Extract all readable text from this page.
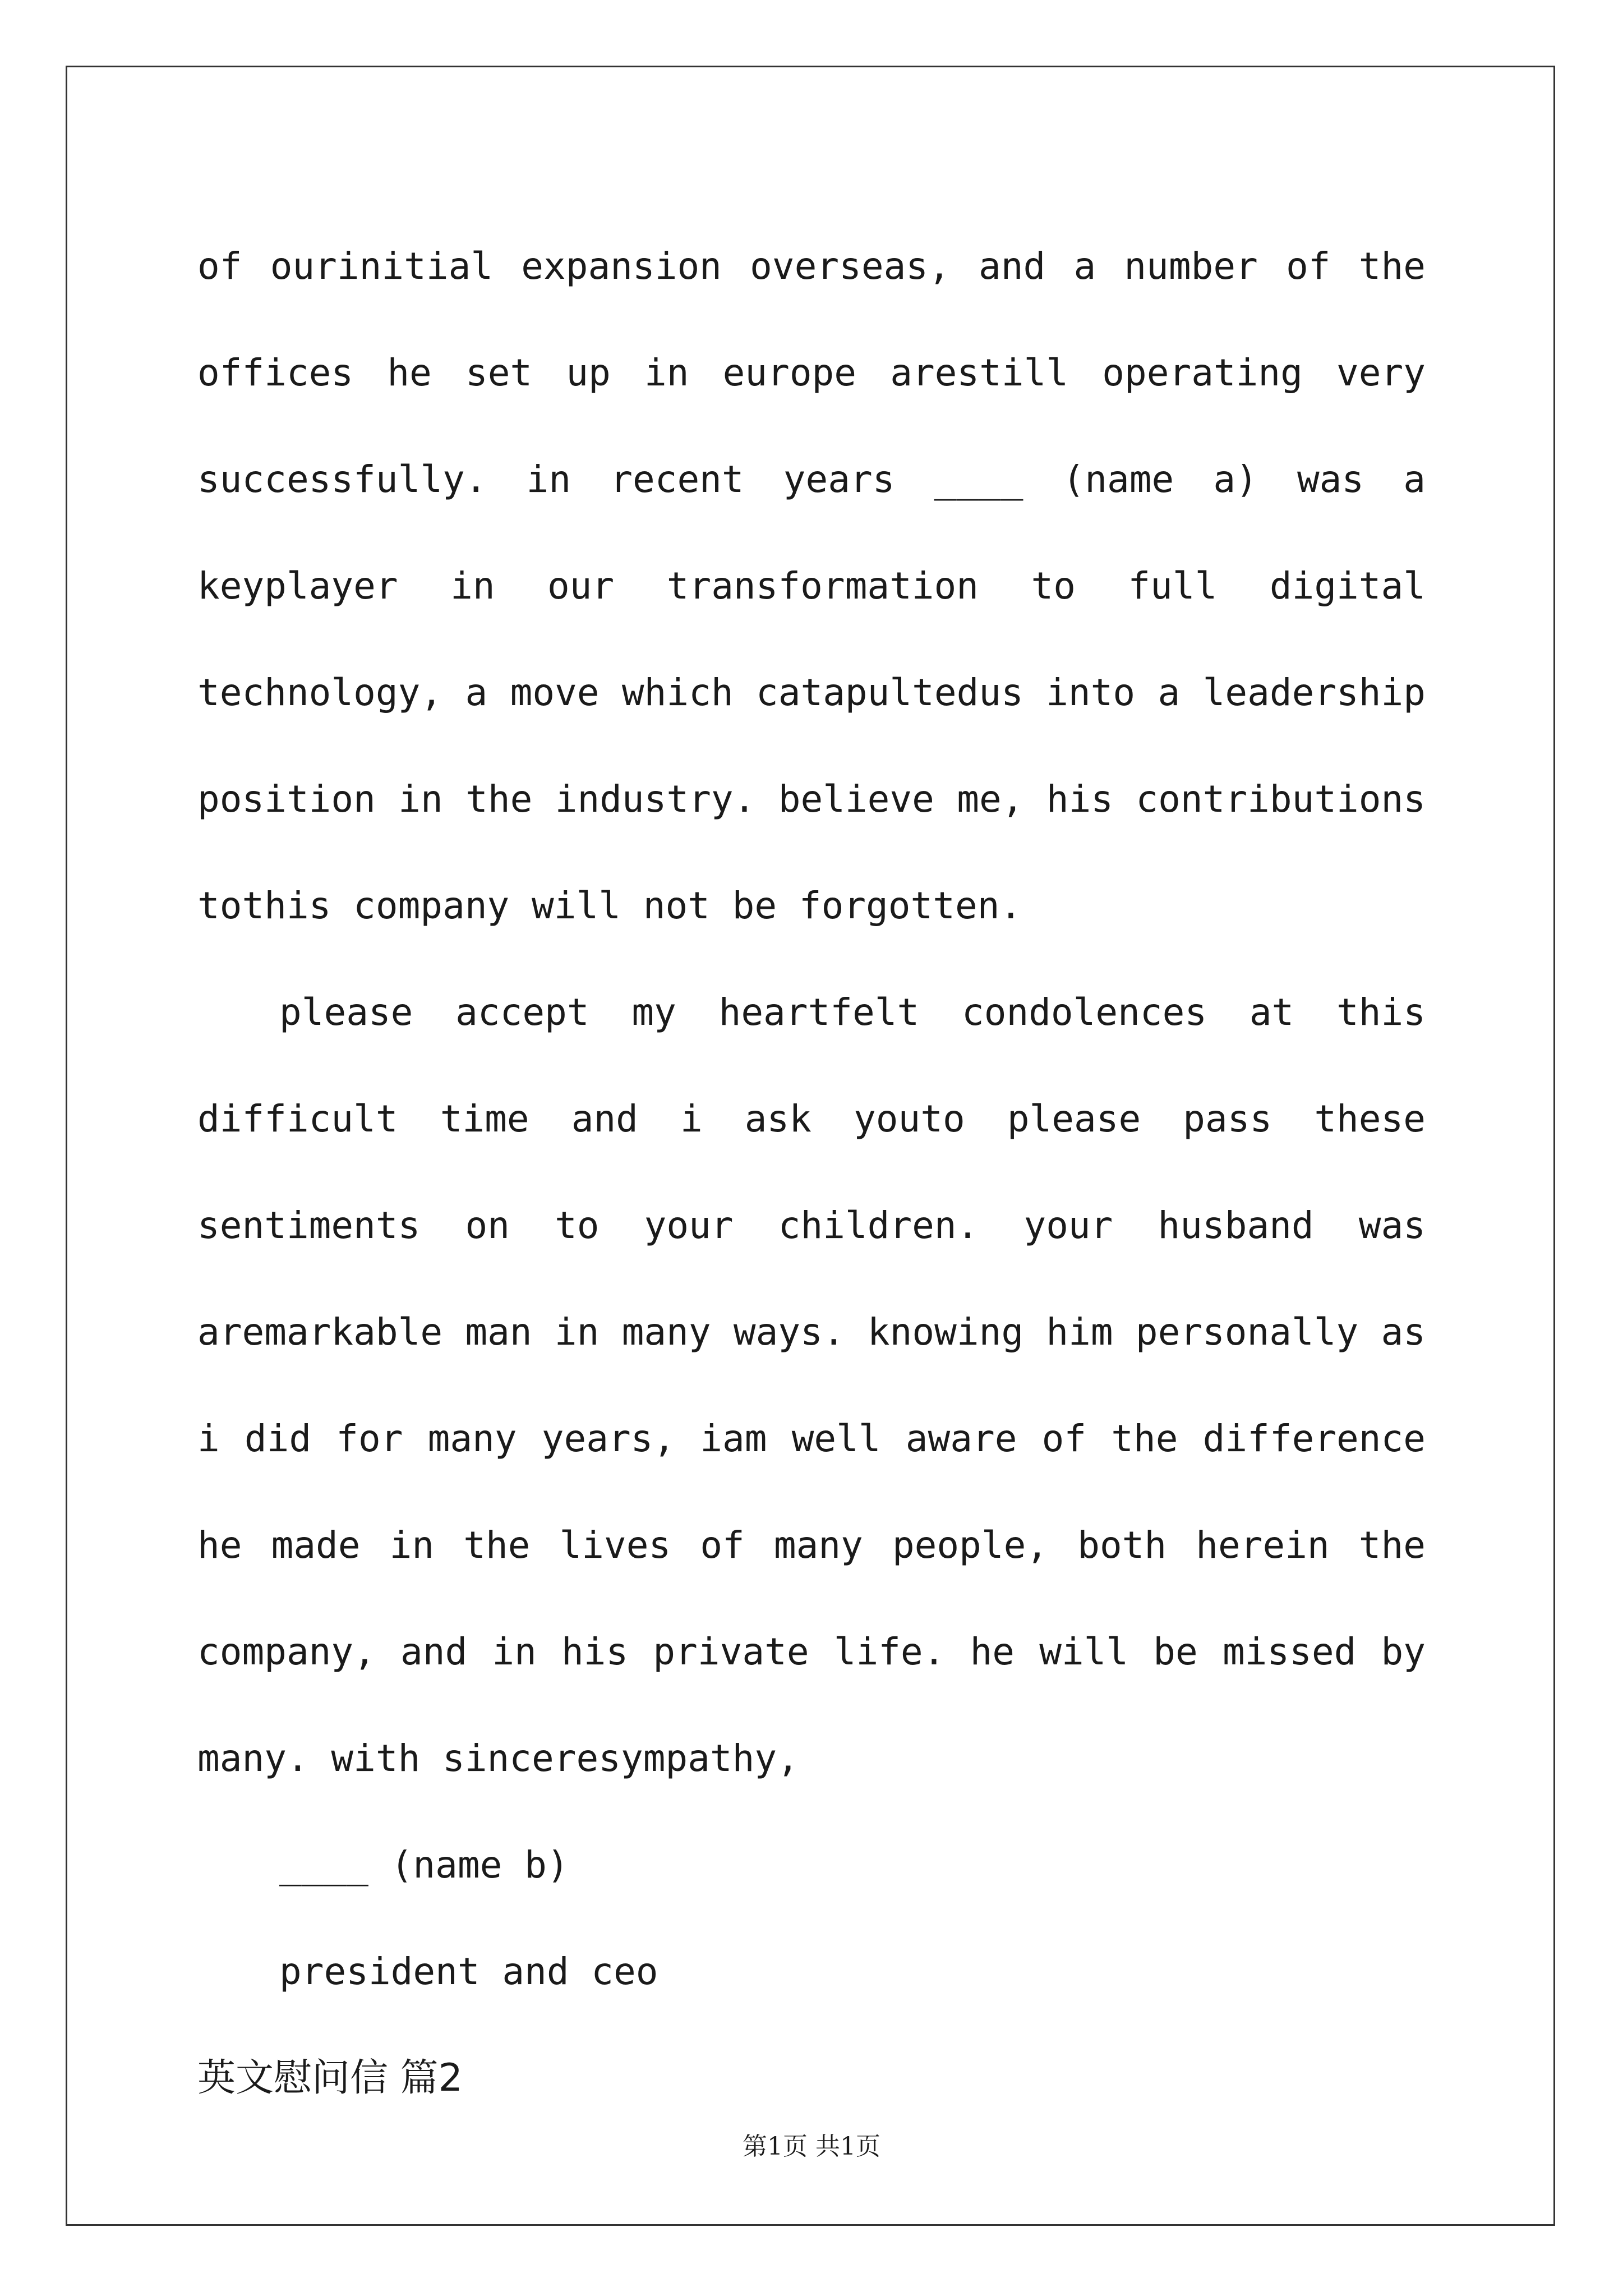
of ourinitial expansion overseas, and a number of the offices he set up in europe arestill operating very successfully. in recent years ____ (name a) was a keyplayer in our transformation to full digital technology, a move which catapultedus into a leadership position in the industry. believe me, his contributions tothis company will not be forgotten.

please accept my heartfelt condolences at this difficult time and i ask youto please pass these sentiments on to your children. your husband was aremarkable man in many ways. knowing him personally as i did for many years, iam well aware of the difference he made in the lives of many people, both herein the company, and in his private life. he will be missed by many. with sinceresympathy,

____ (name b)

president and ceo

英文慰问信 篇2

第1页 共1页
